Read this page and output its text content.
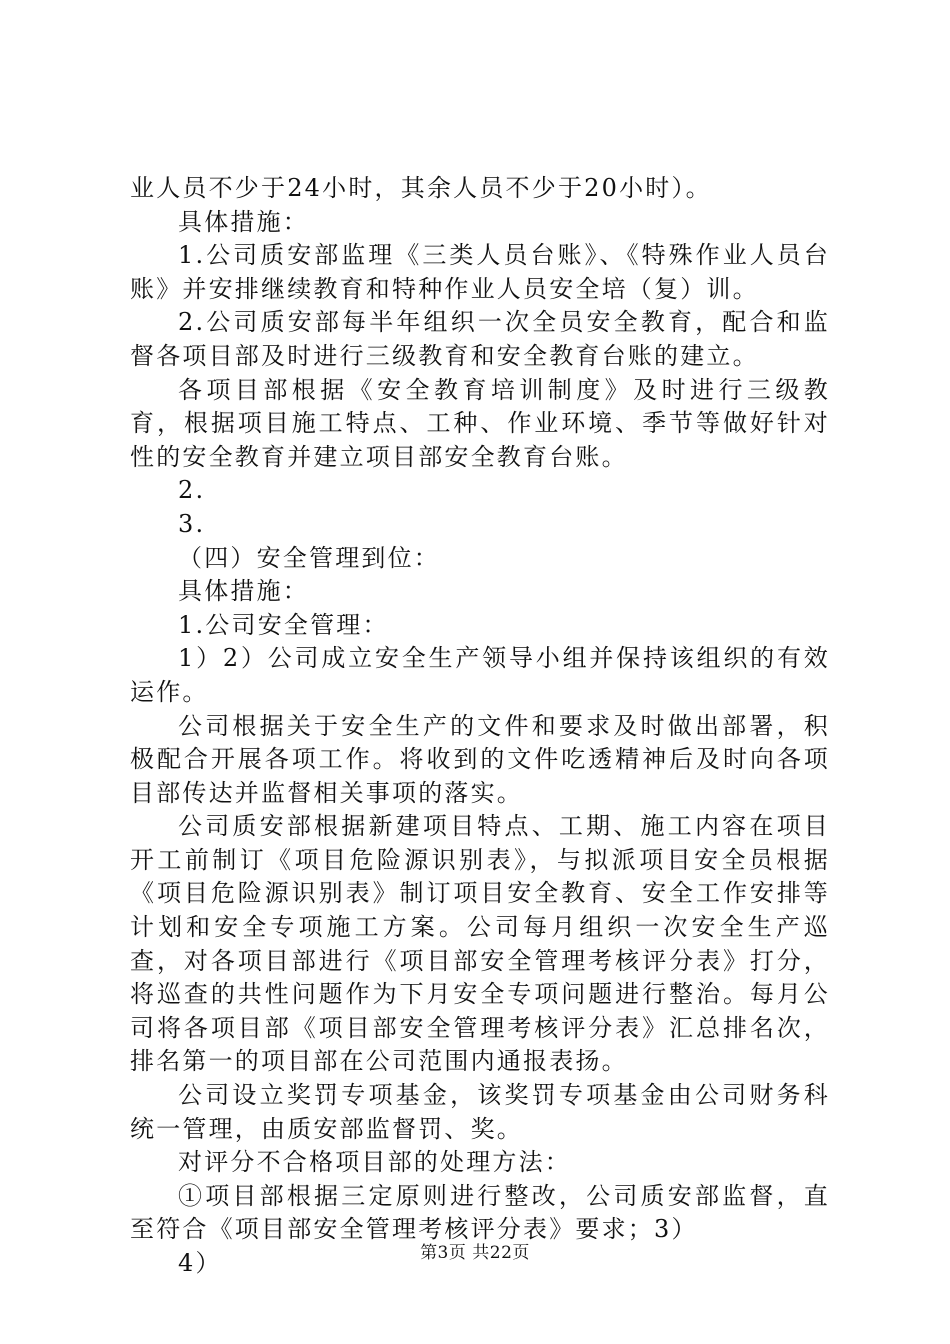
业人员不少于24小时，其余人员不少于20小时）。

具体措施：

1.公司质安部监理《三类人员台账》、《特殊作业人员台账》并安排继续教育和特种作业人员安全培（复）训。

2.公司质安部每半年组织一次全员安全教育，配合和监督各项目部及时进行三级教育和安全教育台账的建立。

各项目部根据《安全教育培训制度》及时进行三级教育，根据项目施工特点、工种、作业环境、季节等做好针对性的安全教育并建立项目部安全教育台账。

2.

3.

（四）安全管理到位：

具体措施：

1.公司安全管理：

1）2）公司成立安全生产领导小组并保持该组织的有效运作。

公司根据关于安全生产的文件和要求及时做出部署，积极配合开展各项工作。将收到的文件吃透精神后及时向各项目部传达并监督相关事项的落实。

公司质安部根据新建项目特点、工期、施工内容在项目开工前制订《项目危险源识别表》，与拟派项目安全员根据《项目危险源识别表》制订项目安全教育、安全工作安排等计划和安全专项施工方案。公司每月组织一次安全生产巡查，对各项目部进行《项目部安全管理考核评分表》打分，将巡查的共性问题作为下月安全专项问题进行整治。每月公司将各项目部《项目部安全管理考核评分表》汇总排名次，排名第一的项目部在公司范围内通报表扬。

公司设立奖罚专项基金，该奖罚专项基金由公司财务科统一管理，由质安部监督罚、奖。

对评分不合格项目部的处理方法：

①项目部根据三定原则进行整改，公司质安部监督，直至符合《项目部安全管理考核评分表》要求；3）

4）	第3页 共22页
